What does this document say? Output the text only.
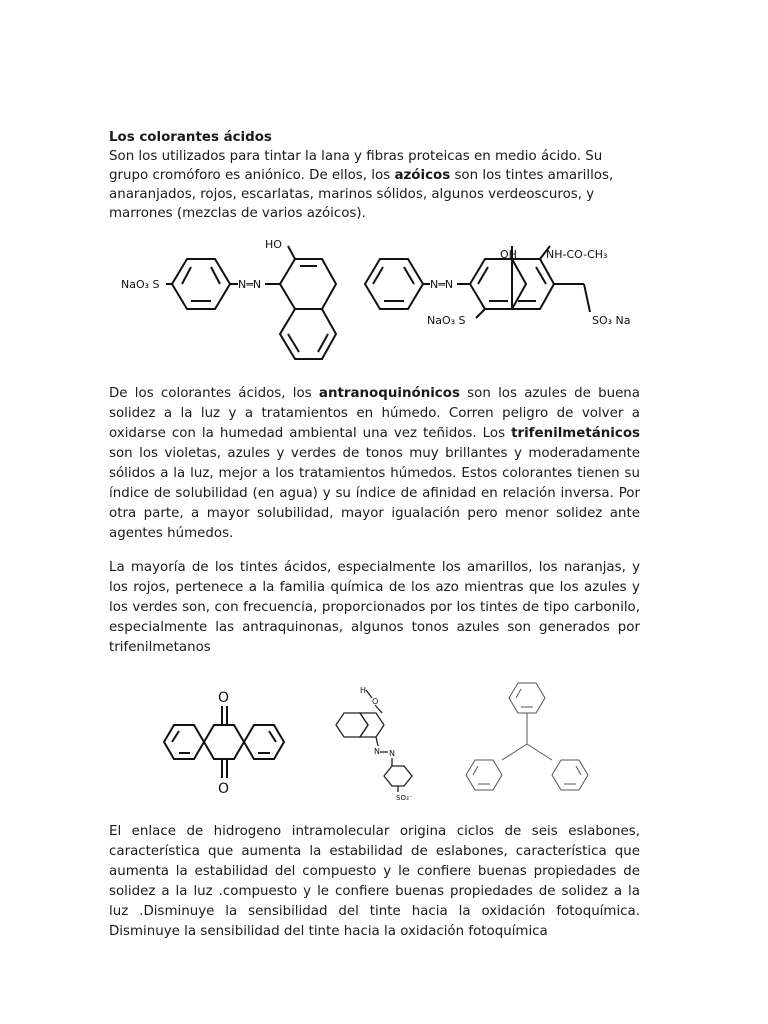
Los colorantes ácidos
Son los utilizados para tintar la lana y fibras proteicas en medio ácido. Su grupo cromóforo es aniónico. De ellos, los azóicos son los tintes amarillos, anaranjados, rojos, escarlatas, marinos sólidos, algunos verdeoscuros, y marrones (mezclas de varios azóicos).
NaO₃ S	N═N
HO
N═N
OH	NH-CO-CH₃
NaO₃ S	SO₃ Na
De los colorantes ácidos, los antranoquinónicos son los azules de buena solidez a la luz y a tratamientos en húmedo. Corren peligro de volver a oxidarse con la humedad ambiental una vez teñidos. Los trifenilmetánicos son los violetas, azules y verdes de tonos muy brillantes y moderadamente sólidos a la luz, mejor a los tratamientos húmedos. Estos colorantes tienen su índice de solubilidad (en agua) y su índice de afinidad en relación inversa. Por otra parte, a mayor solubilidad, mayor igualación pero menor solidez ante agentes húmedos.
La mayoría de los tintes ácidos, especialmente los amarillos, los naranjas, y los rojos, pertenece a la familia química de los azo mientras que los azules y los verdes son, con frecuencia, proporcionados por los tintes de tipo carbonilo, especialmente las antraquinonas, algunos tonos azules son generados por trifenilmetanos
O
O
H
O
N N
SO₃⁻
El enlace de hidrogeno intramolecular origina ciclos de seis eslabones, característica que aumenta la estabilidad de eslabones, característica que aumenta la estabilidad del compuesto y le confiere buenas propiedades de solidez a la luz .compuesto y le confiere buenas propiedades de solidez a la luz .Disminuye la sensibilidad del tinte hacia la oxidación fotoquímica. Disminuye la sensibilidad del tinte hacia la oxidación fotoquímica
